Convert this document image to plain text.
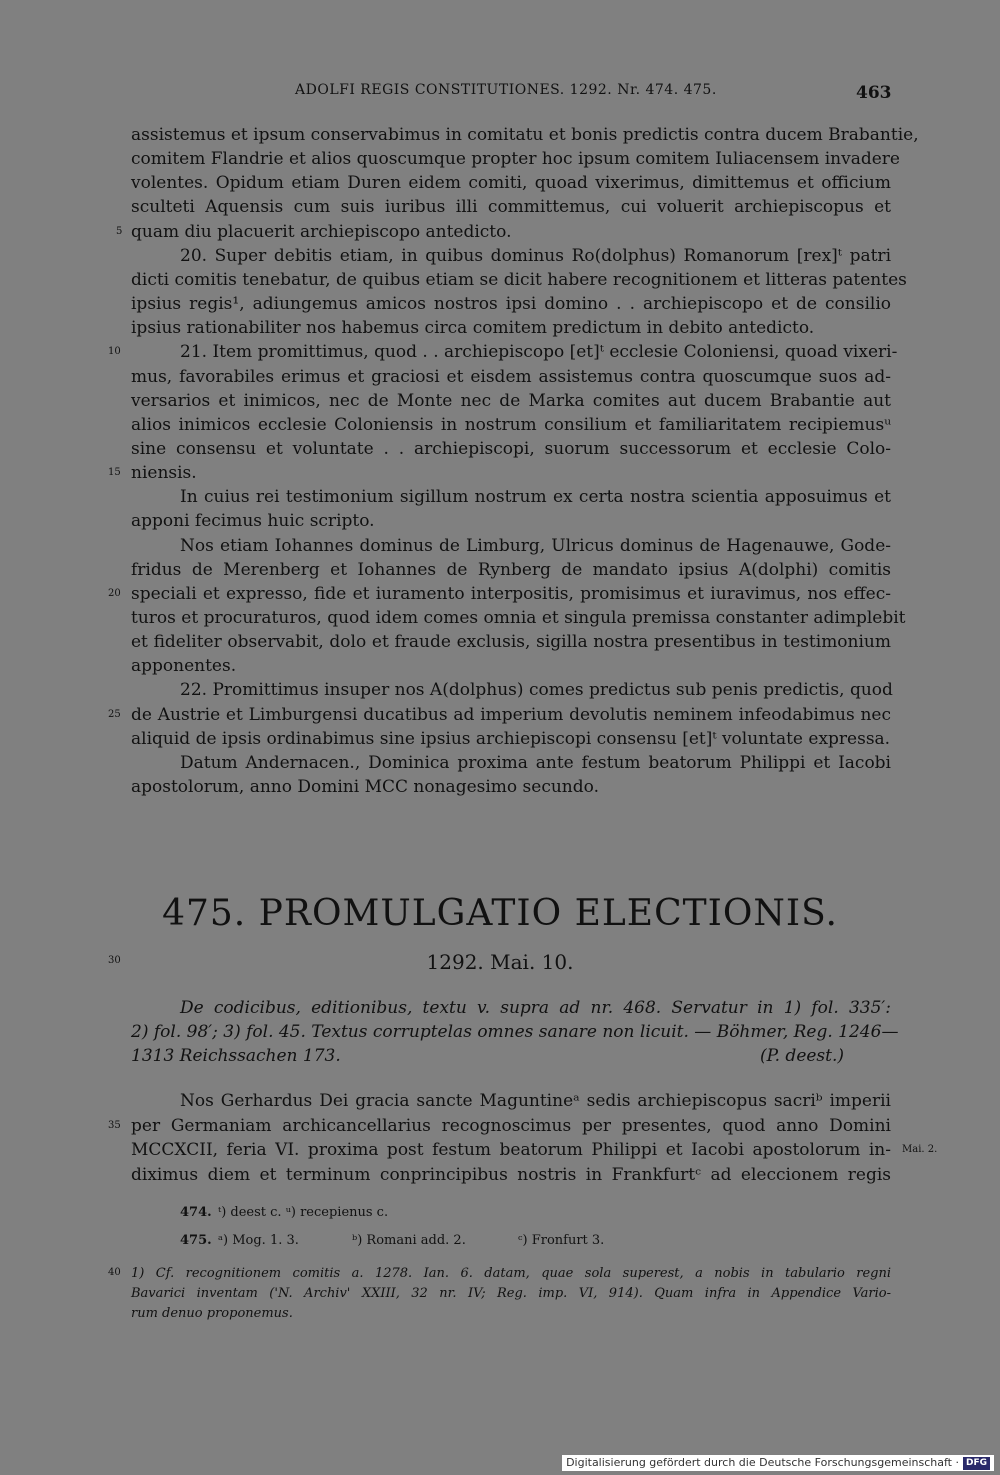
ADOLFI REGIS CONSTITUTIONES. 1292. Nr. 474. 475.	463
assistemus et ipsum conservabimus in comitatu et bonis predictis contra ducem Brabantie,
comitem Flandrie et alios quoscumque propter hoc ipsum comitem Iuliacensem invadere
volentes. Opidum etiam Duren eidem comiti, quoad vixerimus, dimittemus et officium
sculteti Aquensis cum suis iuribus illi committemus, cui voluerit archiepiscopus et
quam diu placuerit archiepiscopo antedicto.
5
20. Super debitis etiam, in quibus dominus Ro(dolphus) Romanorum [rex]ᵗ patri
dicti comitis tenebatur, de quibus etiam se dicit habere recognitionem et litteras patentes
ipsius regis¹, adiungemus amicos nostros ipsi domino . . archiepiscopo et de consilio
ipsius rationabiliter nos habemus circa comitem predictum in debito antedicto.
21. Item promittimus, quod . . archiepiscopo [et]ᵗ ecclesie Coloniensi, quoad vixeri-
10
mus, favorabiles erimus et graciosi et eisdem assistemus contra quoscumque suos ad-
versarios et inimicos, nec de Monte nec de Marka comites aut ducem Brabantie aut
alios inimicos ecclesie Coloniensis in nostrum consilium et familiaritatem recipiemusᵘ
sine consensu et voluntate . . archiepiscopi, suorum successorum et ecclesie Colo-
niensis.
15
In cuius rei testimonium sigillum nostrum ex certa nostra scientia apposuimus et
apponi fecimus huic scripto.
Nos etiam Iohannes dominus de Limburg, Ulricus dominus de Hagenauwe, Gode-
fridus de Merenberg et Iohannes de Rynberg de mandato ipsius A(dolphi) comitis
speciali et expresso, fide et iuramento interpositis, promisimus et iuravimus, nos effec-
20
turos et procuraturos, quod idem comes omnia et singula premissa constanter adimplebit
et fideliter observabit, dolo et fraude exclusis, sigilla nostra presentibus in testimonium
apponentes.
22. Promittimus insuper nos A(dolphus) comes predictus sub penis predictis, quod
de Austrie et Limburgensi ducatibus ad imperium devolutis neminem infeodabimus nec
25
aliquid de ipsis ordinabimus sine ipsius archiepiscopi consensu [et]ᵗ voluntate expressa.
Datum Andernacen., Dominica proxima ante festum beatorum Philippi et Iacobi
apostolorum, anno Domini MCC nonagesimo secundo.
475. PROMULGATIO ELECTIONIS.
30	1292. Mai. 10.
De codicibus, editionibus, textu v. supra ad nr. 468. Servatur in 1) fol. 335′:
2) fol. 98′; 3) fol. 45. Textus corruptelas omnes sanare non licuit. — Böhmer, Reg. 1246—
1313 Reichssachen 173.	(P. deest.)
Nos Gerhardus Dei gracia sancte Maguntineᵃ sedis archiepiscopus sacriᵇ imperii
per Germaniam archicancellarius recognoscimus per presentes, quod anno Domini
35
MCCXCII, feria VI. proxima post festum beatorum Philippi et Iacobi apostolorum in-
diximus diem et terminum conprincipibus nostris in Frankfurtᶜ ad eleccionem regis
Mai. 2.
474. ᵗ) deest c. ᵘ) recepienus c.
475. ᵃ) Mog. 1. 3.	ᵇ) Romani add. 2.	ᶜ) Fronfurt 3.
40 1) Cf. recognitionem comitis a. 1278. Ian. 6. datam, quae sola superest, a nobis in tabulario regni
Bavarici inventam ('N. Archiv' XXIII, 32 nr. IV; Reg. imp. VI, 914). Quam infra in Appendice Vario-
rum denuo proponemus.
Digitalisierung gefördert durch die Deutsche Forschungsgemeinschaft · DFG
